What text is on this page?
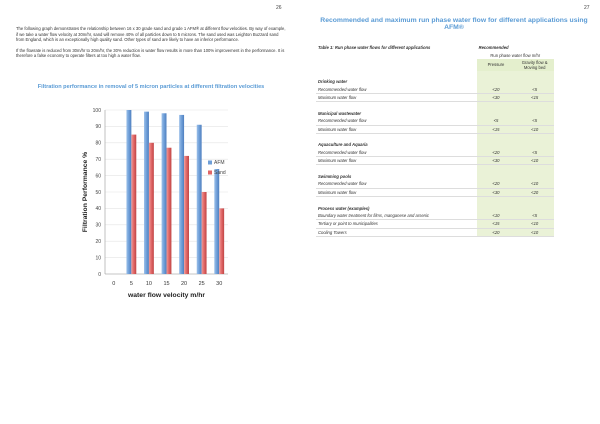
26

The following graph demonstrates the relationship between 16 x 30 grade sand and grade 1 AFM® at different flow velocities. By way of example, if we take a water flow velocity at 30m/hr, sand will remove 40% of all particles down to 5 microns. The sand used was Leighton Buzzard sand from England, which is an exceptionally high quality sand. Other types of sand are likely to have an inferior performance.

If the flowrate is reduced from 30m/hr to 20m/hr, the 30% reduction is water flow results in more than 100% improvement in the performance. It is therefore a false economy to operate filters at too high a water flow.

Filtration performance in removal of 5 micron particles at different filtration velocities
0
10
20
30
40
50
60
70
80
90
100
0	5 10 15 20 25 30
water flow velocity m/hr
Filtration Performance %	AFM
Sand
27
Recommended and maximum run phase water flow for different applications using AFM®
Table 1: Run phase water flows for different applications	Recommended	
	Run phase water flow m/hr	
	Pressure	Gravity flow & Moving bed

Drinking water		
Recommended water flow	<20	<5
Maximum water flow	<30	<15

Municipal wastewater		
Recommended water flow	<5	<5
Maximum water flow	<15	<10

Aquaculture and Aquaria		
Recommended water flow	<20	<5
Maximum water flow	<30	<10

Swimming pools		
Recommended water flow	<20	<10
Maximum water flow	<30	<20

Process water (examples)		
Boundary water treatment for films, manganese and arsenic	<10	<5
Tertiary or point to municipalities	<15	<10
Cooling Towers	<20	<10
